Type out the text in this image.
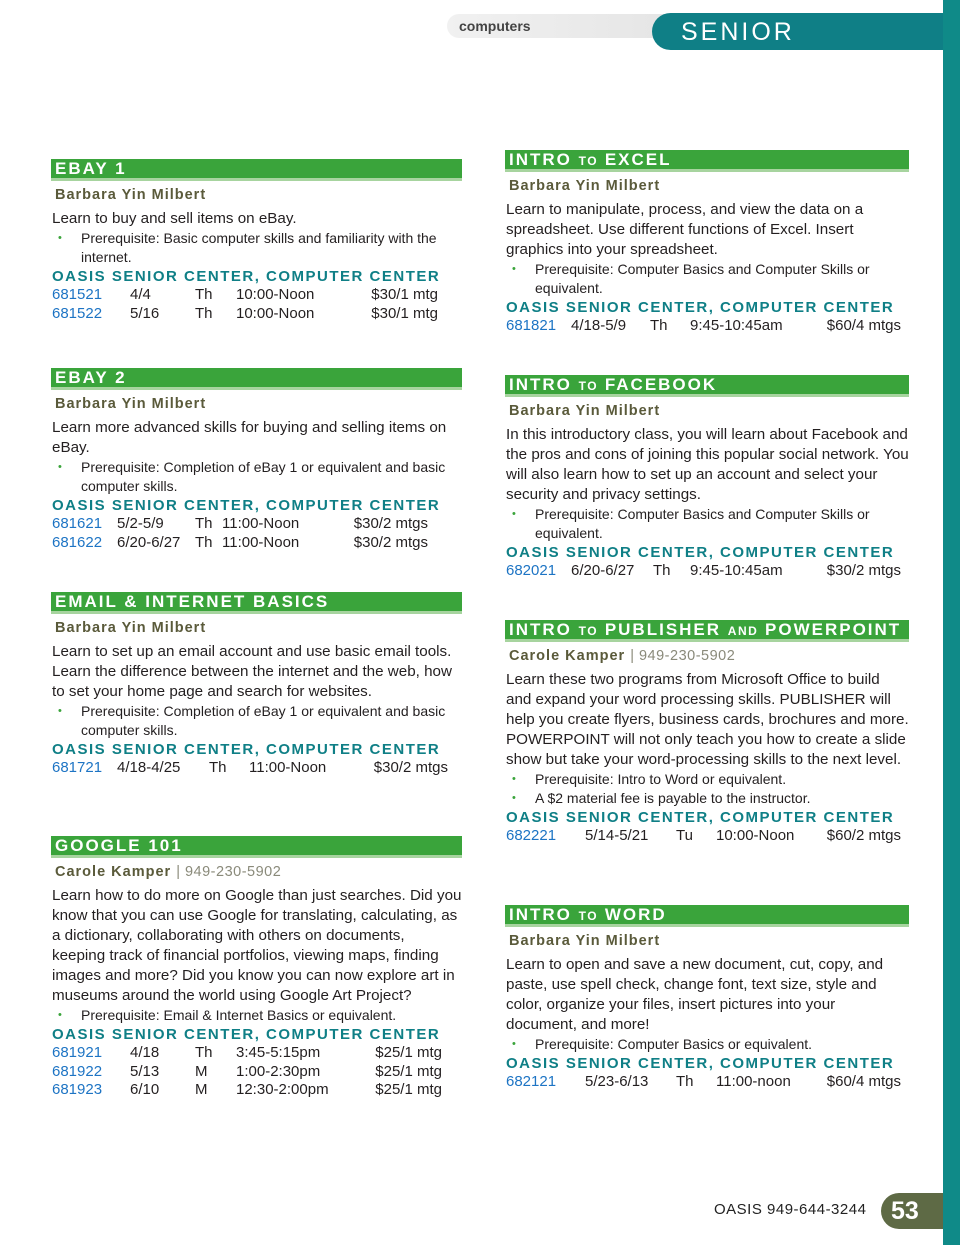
computers	SENIOR SERVICES
EBAY 1
Barbara Yin Milbert
Learn to buy and sell items on eBay.
• Prerequisite: Basic computer skills and familiarity with the internet.
OASIS SENIOR CENTER, COMPUTER CENTER
681521 4/4	Th 10:00-Noon	$30/1 mtg
681522 5/16 Th 10:00-Noon	$30/1 mtg
EBAY 2
Barbara Yin Milbert
Learn more advanced skills for buying and selling items on eBay.
• Prerequisite: Completion of eBay 1 or equivalent and basic computer skills.
OASIS SENIOR CENTER, COMPUTER CENTER
681621 5/2-5/9 Th 11:00-Noon	$30/2 mtgs
681622 6/20-6/27 Th 11:00-Noon	$30/2 mtgs
EMAIL & INTERNET BASICS
Barbara Yin Milbert
Learn to set up an email account and use basic email tools. Learn the difference between the internet and the web, how to set your home page and search for websites.
• Prerequisite: Completion of eBay 1 or equivalent and basic computer skills.
OASIS SENIOR CENTER, COMPUTER CENTER
681721 4/18-4/25 Th 11:00-Noon	$30/2 mtgs
GOOGLE 101
Carole Kamper | 949-230-5902
Learn how to do more on Google than just searches. Did you know that you can use Google for translating, calculating, as a dictionary, collaborating with others on documents, keeping track of financial portfolios, viewing maps, finding images and more? Did you know you can now explore art in museums around the world using Google Art Project?
• Prerequisite: Email & Internet Basics or equivalent.
OASIS SENIOR CENTER, COMPUTER CENTER
681921 4/18 Th 3:45-5:15pm	$25/1 mtg
681922 5/13 M 1:00-2:30pm	$25/1 mtg
681923 6/10 M 12:30-2:00pm	$25/1 mtg
INTRO TO EXCEL
Barbara Yin Milbert
Learn to manipulate, process, and view the data on a spreadsheet. Use different functions of Excel. Insert graphics into your spreadsheet.
• Prerequisite: Computer Basics and Computer Skills or equivalent.
OASIS SENIOR CENTER, COMPUTER CENTER
681821 4/18-5/9 Th 9:45-10:45am	$60/4 mtgs
INTRO TO FACEBOOK
Barbara Yin Milbert
In this introductory class, you will learn about Facebook and the pros and cons of joining this popular social network. You will also learn how to set up an account and select your security and privacy settings.
• Prerequisite: Computer Basics and Computer Skills or equivalent.
OASIS SENIOR CENTER, COMPUTER CENTER
682021 6/20-6/27 Th 9:45-10:45am	$30/2 mtgs
INTRO TO PUBLISHER AND POWERPOINT
Carole Kamper | 949-230-5902
Learn these two programs from Microsoft Office to build and expand your word processing skills. PUBLISHER will help you create flyers, business cards, brochures and more. POWERPOINT will not only teach you how to create a slide show but take your word-processing skills to the next level.
• Prerequisite: Intro to Word or equivalent.
• A $2 material fee is payable to the instructor.
OASIS SENIOR CENTER, COMPUTER CENTER
682221 5/14-5/21 Tu 10:00-Noon $60/2 mtgs
INTRO TO WORD
Barbara Yin Milbert
Learn to open and save a new document, cut, copy, and paste, use spell check, change font, text size, style and color, organize your files, insert pictures into your document, and more!
• Prerequisite: Computer Basics or equivalent.
OASIS SENIOR CENTER, COMPUTER CENTER
682121 5/23-6/13 Th 11:00-noon $60/4 mtgs
OASIS 949-644-3244 53
